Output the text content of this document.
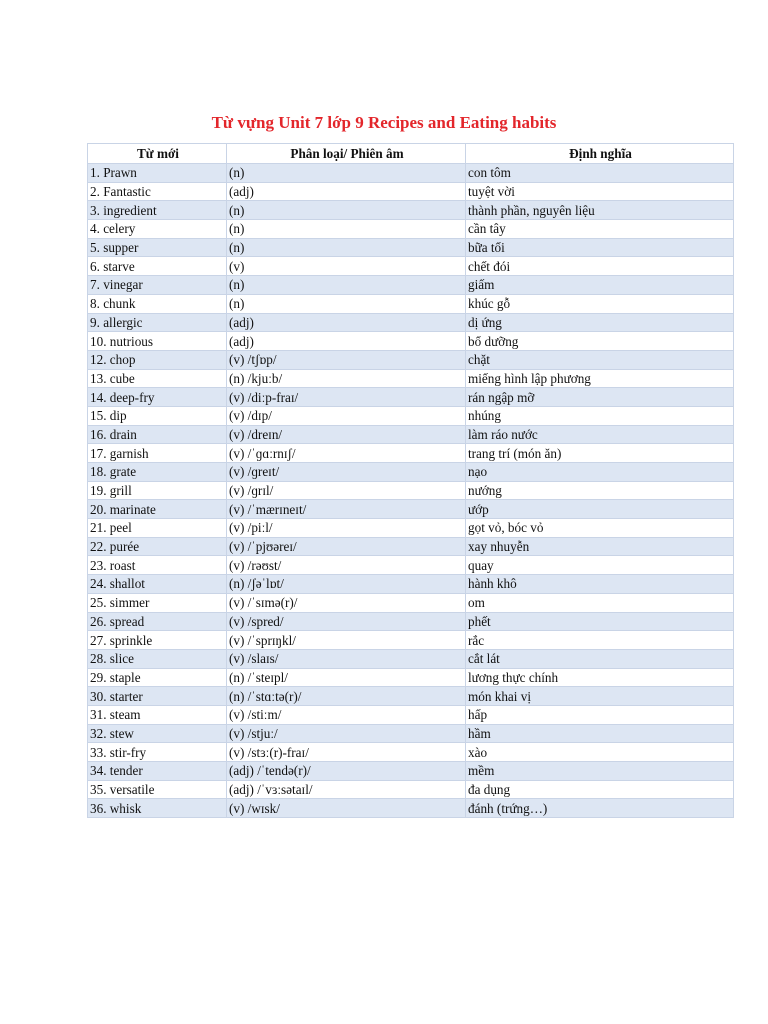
Từ vựng Unit 7 lớp 9 Recipes and Eating habits
Từ mới	Phân loại/ Phiên âm	Định nghĩa
1. Prawn	(n)	con tôm
2. Fantastic	(adj)	tuyệt vời
3. ingredient	(n)	thành phần, nguyên liệu
4. celery	(n)	cần tây
5. supper	(n)	bữa tối
6. starve	(v)	chết đói
7. vinegar	(n)	giấm
8. chunk	(n)	khúc gỗ
9. allergic	(adj)	dị ứng
10. nutrious	(adj)	bổ dưỡng
12. chop	(v) /tʃɒp/	chặt
13. cube	(n) /kjuːb/	miếng hình lập phương
14. deep-fry	(v) /diːp-fraɪ/	rán ngập mỡ
15. dip	(v) /dɪp/	nhúng
16. drain	(v) /dreɪn/	làm ráo nước
17. garnish	(v) /ˈɡɑːrnɪʃ/	trang trí (món ăn)
18. grate	(v) /ɡreɪt/	nạo
19. grill	(v) /ɡrɪl/	nướng
20. marinate	(v) /ˈmærɪneɪt/	ướp
21. peel	(v) /piːl/	gọt vỏ, bóc vỏ
22. purée	(v) /ˈpjʊəreɪ/	xay nhuyễn
23. roast	(v) /rəʊst/	quay
24. shallot	(n) /ʃəˈlɒt/	hành khô
25. simmer	(v) /ˈsɪmə(r)/	om
26. spread	(v) /spred/	phết
27. sprinkle	(v) /ˈsprɪŋkl/	rắc
28. slice	(v) /slaɪs/	cắt lát
29. staple	(n) /ˈsteɪpl/	lương thực chính
30. starter	(n) /ˈstɑːtə(r)/	món khai vị
31. steam	(v) /stiːm/	hấp
32. stew	(v) /stjuː/	hầm
33. stir-fry	(v) /stɜː(r)-fraɪ/	xào
34. tender	(adj) /ˈtendə(r)/	mềm
35. versatile	(adj) /ˈvɜːsətaɪl/	đa dụng
36. whisk	(v) /wɪsk/	đánh (trứng…)
